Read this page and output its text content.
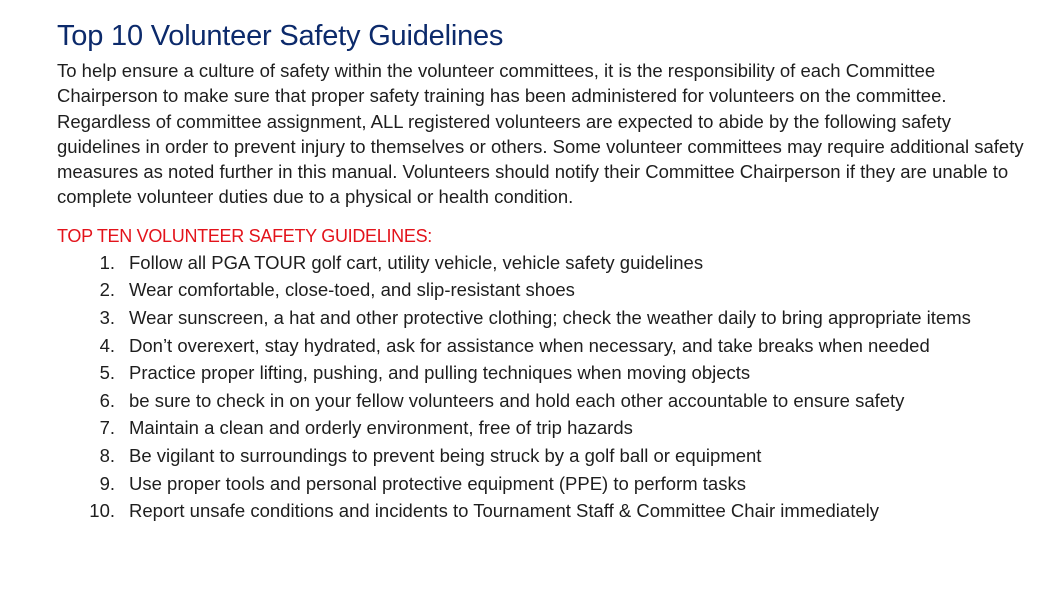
Top 10 Volunteer Safety Guidelines

To help ensure a culture of safety within the volunteer committees, it is the responsibility of each Committee Chairperson to make sure that proper safety training has been administered for volunteers on the committee. Regardless of committee assignment, ALL registered volunteers are expected to abide by the following safety guidelines in order to prevent injury to themselves or others. Some volunteer committees may require additional safety measures as noted further in this manual. Volunteers should notify their Committee Chairperson if they are unable to complete volunteer duties due to a physical or health condition.

TOP TEN VOLUNTEER SAFETY GUIDELINES:
1. Follow all PGA TOUR golf cart, utility vehicle, vehicle safety guidelines
2. Wear comfortable, close-toed, and slip-resistant shoes
3. Wear sunscreen, a hat and other protective clothing; check the weather daily to bring appropriate items
4. Don’t overexert, stay hydrated, ask for assistance when necessary, and take breaks when needed
5. Practice proper lifting, pushing, and pulling techniques when moving objects
6. be sure to check in on your fellow volunteers and hold each other accountable to ensure safety
7. Maintain a clean and orderly environment, free of trip hazards
8. Be vigilant to surroundings to prevent being struck by a golf ball or equipment
9. Use proper tools and personal protective equipment (PPE) to perform tasks
10. Report unsafe conditions and incidents to Tournament Staff & Committee Chair immediately
